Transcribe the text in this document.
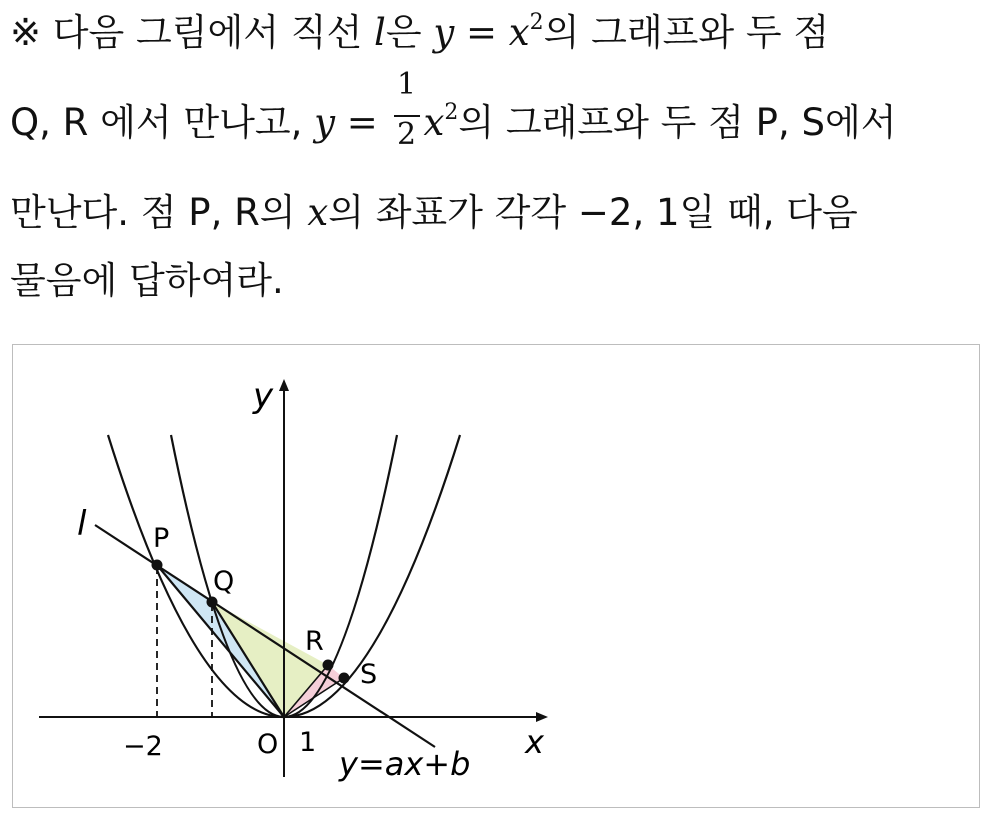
※ 다음 그림에서 직선 l은 $y = x^2$의 그래프와 두 점
Q, R 에서 만나고, $y = \frac{1}{2} x^2$의 그래프와 두 점 P, S에서
만난다. 점 P, R의 x의 좌표가 각각 −2, 1일 때, 다음
물음에 답하여라.
y
x
l P
Q
R
S
O
−2	1
y=ax+b
